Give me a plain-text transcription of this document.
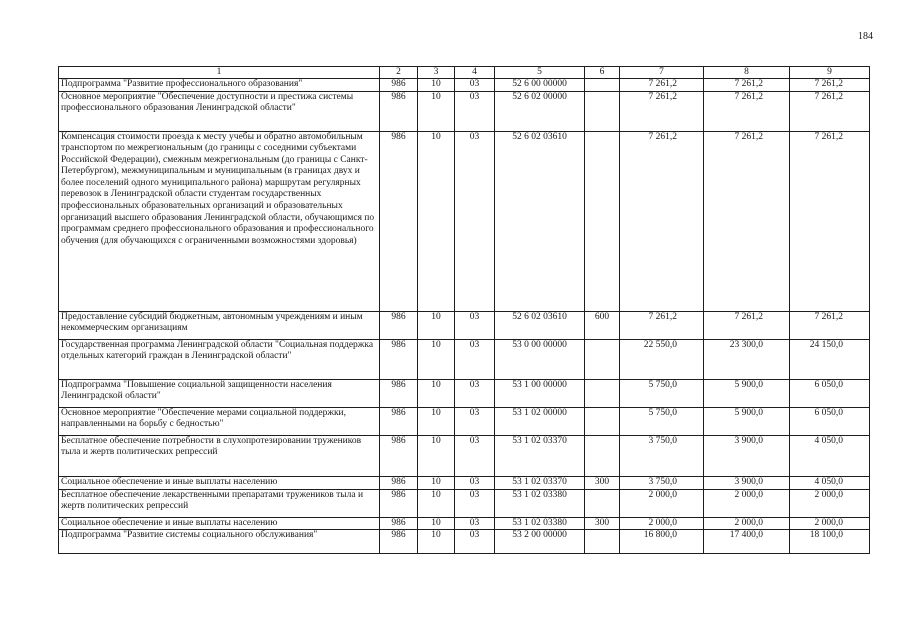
184
1	2	3	4	5	6	7	8	9
Подпрограмма "Развитие профессионального образования"	986	10	03	52 6 00 00000		7 261,2	7 261,2	7 261,2
Основное мероприятие "Обеспечение доступности и престижа системы профессионального образования Ленинградской области"	986	10	03	52 6 02 00000		7 261,2	7 261,2	7 261,2
Компенсация стоимости проезда к месту учебы и обратно автомобильным транспортом по межрегиональным (до границы с соседними субъектами Российской Федерации), смежным межрегиональным (до границы с Санкт-Петербургом), межмуниципальным и муниципальным (в границах двух и более поселений одного муниципального района) маршрутам регулярных перевозок в Ленинградской области студентам государственных профессиональных образовательных организаций и образовательных организаций высшего образования Ленинградской области, обучающимся по программам среднего профессионального образования и профессионального обучения (для обучающихся с ограниченными возможностями здоровья)	986	10	03	52 6 02 03610		7 261,2	7 261,2	7 261,2
Предоставление субсидий бюджетным, автономным учреждениям и иным некоммерческим организациям	986	10	03	52 6 02 03610	600	7 261,2	7 261,2	7 261,2
Государственная программа Ленинградской области "Социальная поддержка отдельных категорий граждан в Ленинградской области"	986	10	03	53 0 00 00000		22 550,0	23 300,0	24 150,0
Подпрограмма "Повышение социальной защищенности населения Ленинградской области"	986	10	03	53 1 00 00000		5 750,0	5 900,0	6 050,0
Основное мероприятие "Обеспечение мерами социальной поддержки, направленными на борьбу с бедностью"	986	10	03	53 1 02 00000		5 750,0	5 900,0	6 050,0
Бесплатное обеспечение потребности в слухопротезировании тружеников тыла и жертв политических репрессий	986	10	03	53 1 02 03370		3 750,0	3 900,0	4 050,0
Социальное обеспечение и иные выплаты населению	986	10	03	53 1 02 03370	300	3 750,0	3 900,0	4 050,0
Бесплатное обеспечение лекарственными препаратами тружеников тыла и жертв политических репрессий	986	10	03	53 1 02 03380		2 000,0	2 000,0	2 000,0
Социальное обеспечение и иные выплаты населению	986	10	03	53 1 02 03380	300	2 000,0	2 000,0	2 000,0
Подпрограмма "Развитие системы социального обслуживания"	986	10	03	53 2 00 00000		16 800,0	17 400,0	18 100,0
